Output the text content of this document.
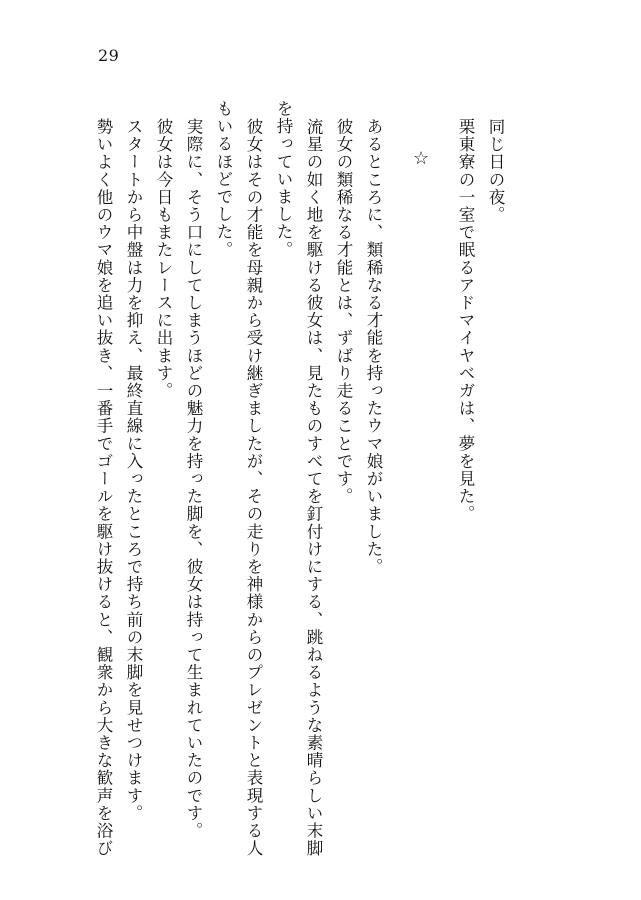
29
同じ日の夜。
栗東寮の一室で眠るアドマイヤベガは、夢を見た。
☆
あるところに、類稀なる才能を持ったウマ娘がいました。
彼女の類稀なる才能とは、ずばり走ることです。
流星の如く地を駆ける彼女は、見たものすべてを釘付けにする、跳ねるような素晴らしい末脚
を持っていました。
彼女はその才能を母親から受け継ぎましたが、その走りを神様からのプレゼントと表現する人
もいるほどでした。
実際に、そう口にしてしまうほどの魅力を持った脚を、彼女は持って生まれていたのです。
彼女は今日もまたレースに出ます。
スタートから中盤は力を抑え、最終直線に入ったところで持ち前の末脚を見せつけます。
勢いよく他のウマ娘を追い抜き、一番手でゴールを駆け抜けると、観衆から大きな歓声を浴び
